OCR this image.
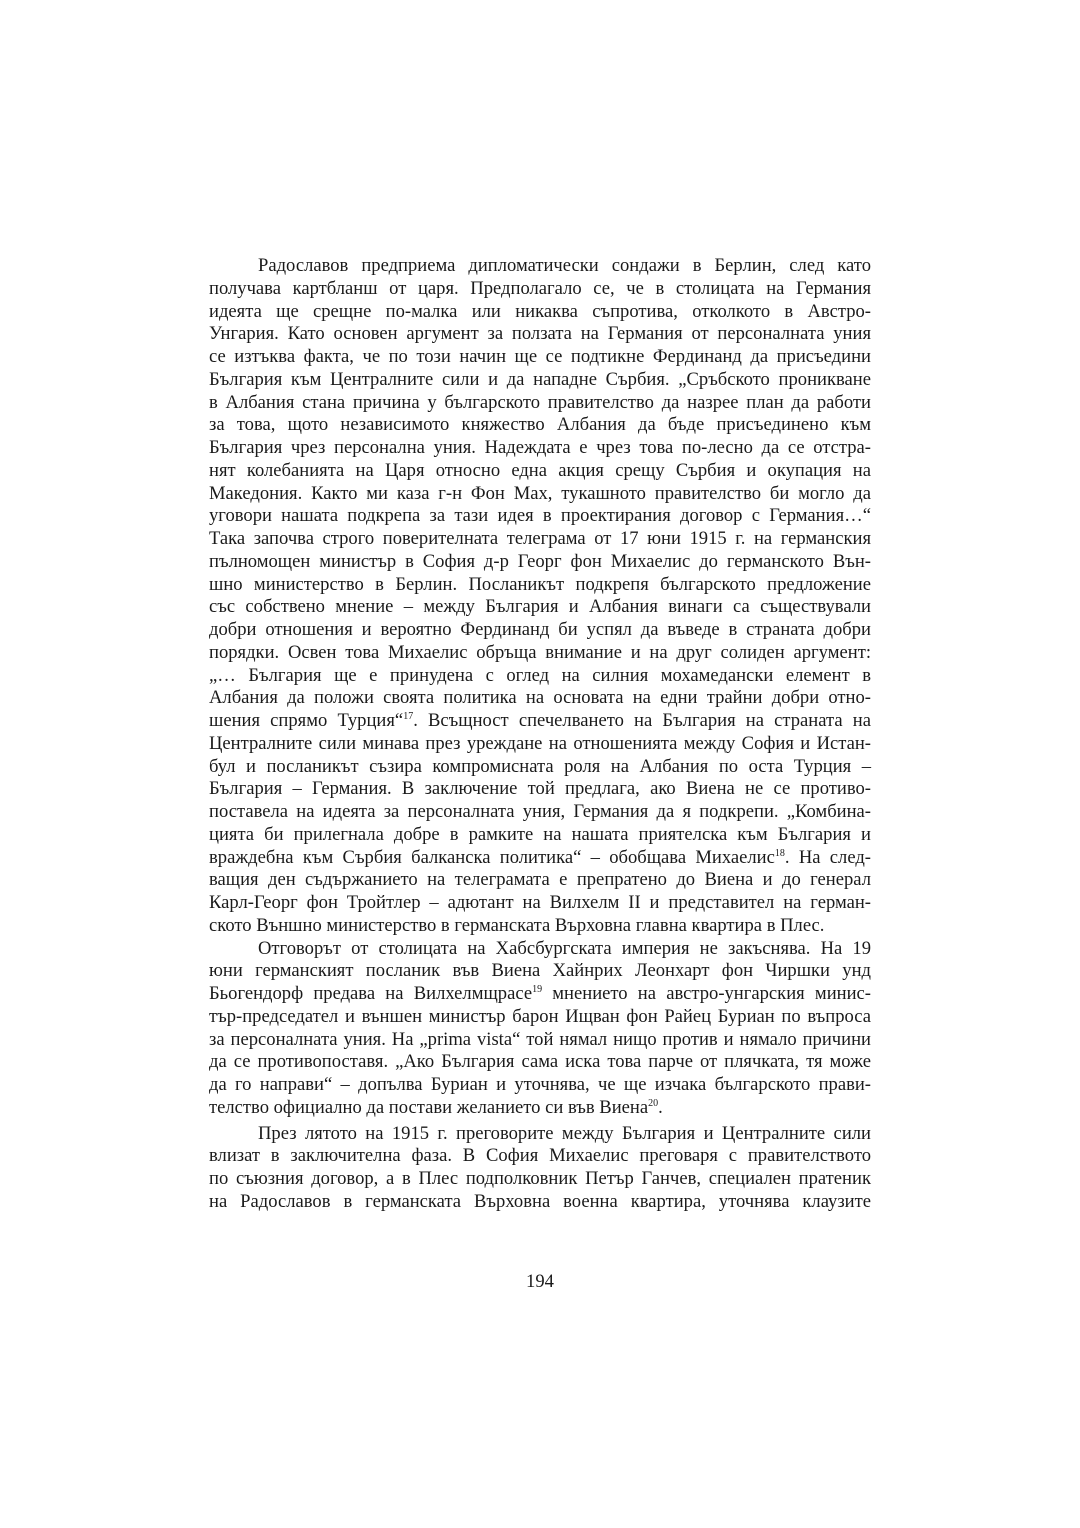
Радославов предприема дипломатически сондажи в Берлин, след като
получава картбланш от царя. Предполагало се, че в столицата на Германия
идеята ще срещне по-малка или никаква съпротива, отколкото в Австро-
Унгария. Като основен аргумент за ползата на Германия от персоналната уния
се изтъква факта, че по този начин ще се подтикне Фердинанд да присъедини
България към Централните сили и да нападне Сърбия. „Сръбското проникване
в Албания стана причина у българското правителство да назрее план да работи
за това, щото независимото княжество Албания да бъде присъединено към
България чрез персонална уния. Надеждата е чрез това по-лесно да се отстра-
нят колебанията на Царя относно една акция срещу Сърбия и окупация на
Македония. Както ми каза г-н Фон Мах, тукашното правителство би могло да
уговори нашата подкрепа за тази идея в проектирания договор с Германия…“
Така започва строго поверителната телеграма от 17 юни 1915 г. на германския
пълномощен министър в София д-р Георг фон Михаелис до германското Вън-
шно министерство в Берлин. Посланикът подкрепя българското предложение
със собствено мнение – между България и Албания винаги са съществували
добри отношения и вероятно Фердинанд би успял да въведе в страната добри
порядки. Освен това Михаелис обръща внимание и на друг солиден аргумент:
„… България ще е принудена с оглед на силния мохамедански елемент в
Албания да положи своята политика на основата на едни трайни добри отно-
шения спрямо Турция“$^{17}$. Всъщност спечелването на България на страната на
Централните сили минава през уреждане на отношенията между София и Истан-
бул и посланикът съзира компромисната роля на Албания по оста Турция –
България – Германия. В заключение той предлага, ако Виена не се противо-
поставела на идеята за персоналната уния, Германия да я подкрепи. „Комбина-
цията би прилегнала добре в рамките на нашата приятелска към България и
враждебна към Сърбия балканска политика“ – обобщава Михаелис$^{18}$. На след-
ващия ден съдържанието на телеграмата е препратено до Виена и до генерал
Карл-Георг фон Тройтлер – адютант на Вилхелм II и представител на герман-
ското Външно министерство в германската Върховна главна квартира в Плес.
Отговорът от столицата на Хабсбургската империя не закъснява. На 19
юни германският посланик във Виена Хайнрих Леонхарт фон Чиршки унд
Бьогендорф предава на Вилхелмщрасе$^{19}$ мнението на австро-унгарския минис-
тър-председател и външен министър барон Ищван фон Райец Буриан по въпроса
за персоналната уния. На „prima vista“ той нямал нищо против и нямало причини
да се противопоставя. „Ако България сама иска това парче от плячката, тя може
да го направи“ – допълва Буриан и уточнява, че ще изчака българското прави-
телство официално да постави желанието си във Виена$^{20}$.
През лятото на 1915 г. преговорите между България и Централните сили
влизат в заключителна фаза. В София Михаелис преговаря с правителството
по съюзния договор, а в Плес подполковник Петър Ганчев, специален пратеник
на Радославов в германската Върховна военна квартира, уточнява клаузите
194
